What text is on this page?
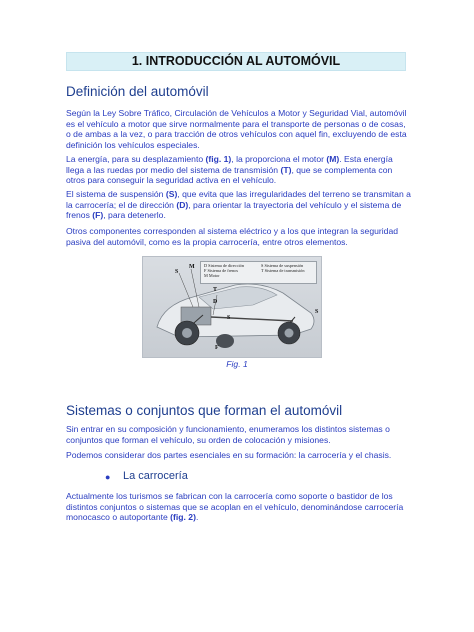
1. INTRODUCCIÓN AL AUTOMÓVIL
Definición del automóvil
Según la Ley Sobre Tráfico, Circulación de Vehículos a Motor y Seguridad Vial, automóvil es el vehículo a motor que sirve normalmente para el transporte de personas o de cosas, o de ambas a la vez, o para tracción de otros vehículos con aquel fin, excluyendo de esta definición los vehículos especiales.
La energía, para su desplazamiento (fig. 1), la proporciona el motor (M). Esta energía llega a las ruedas por medio del sistema de transmisión (T), que se complementa con otros para conseguir la seguridad activa en el vehículo.
El sistema de suspensión (S), que evita que las irregularidades del terreno se transmitan a la carrocería; el de dirección (D), para orientar la trayectoria del vehículo y el sistema de frenos (F), para detenerlo.
Otros componentes corresponden al sistema eléctrico y a los que integran la seguridad pasiva del automóvil, como es la propia carrocería, entre otros elementos.
D Sistema de dirección
F Sistema de frenos
M Motor
S Sistema de suspensión
T Sistema de transmisión
S
M
T
D
S
S
F
Fig. 1
Sistemas o conjuntos que forman el automóvil
Sin entrar en su composición y funcionamiento, enumeramos los distintos sistemas o conjuntos que forman el vehículo, su orden de colocación y misiones.
Podemos considerar dos partes esenciales en su formación: la carrocería y el chasis.
● La carrocería
Actualmente los turismos se fabrican con la carrocería como soporte o bastidor de los distintos conjuntos o sistemas que se acoplan en el vehículo, denominándose carrocería monocasco o autoportante (fig. 2).
